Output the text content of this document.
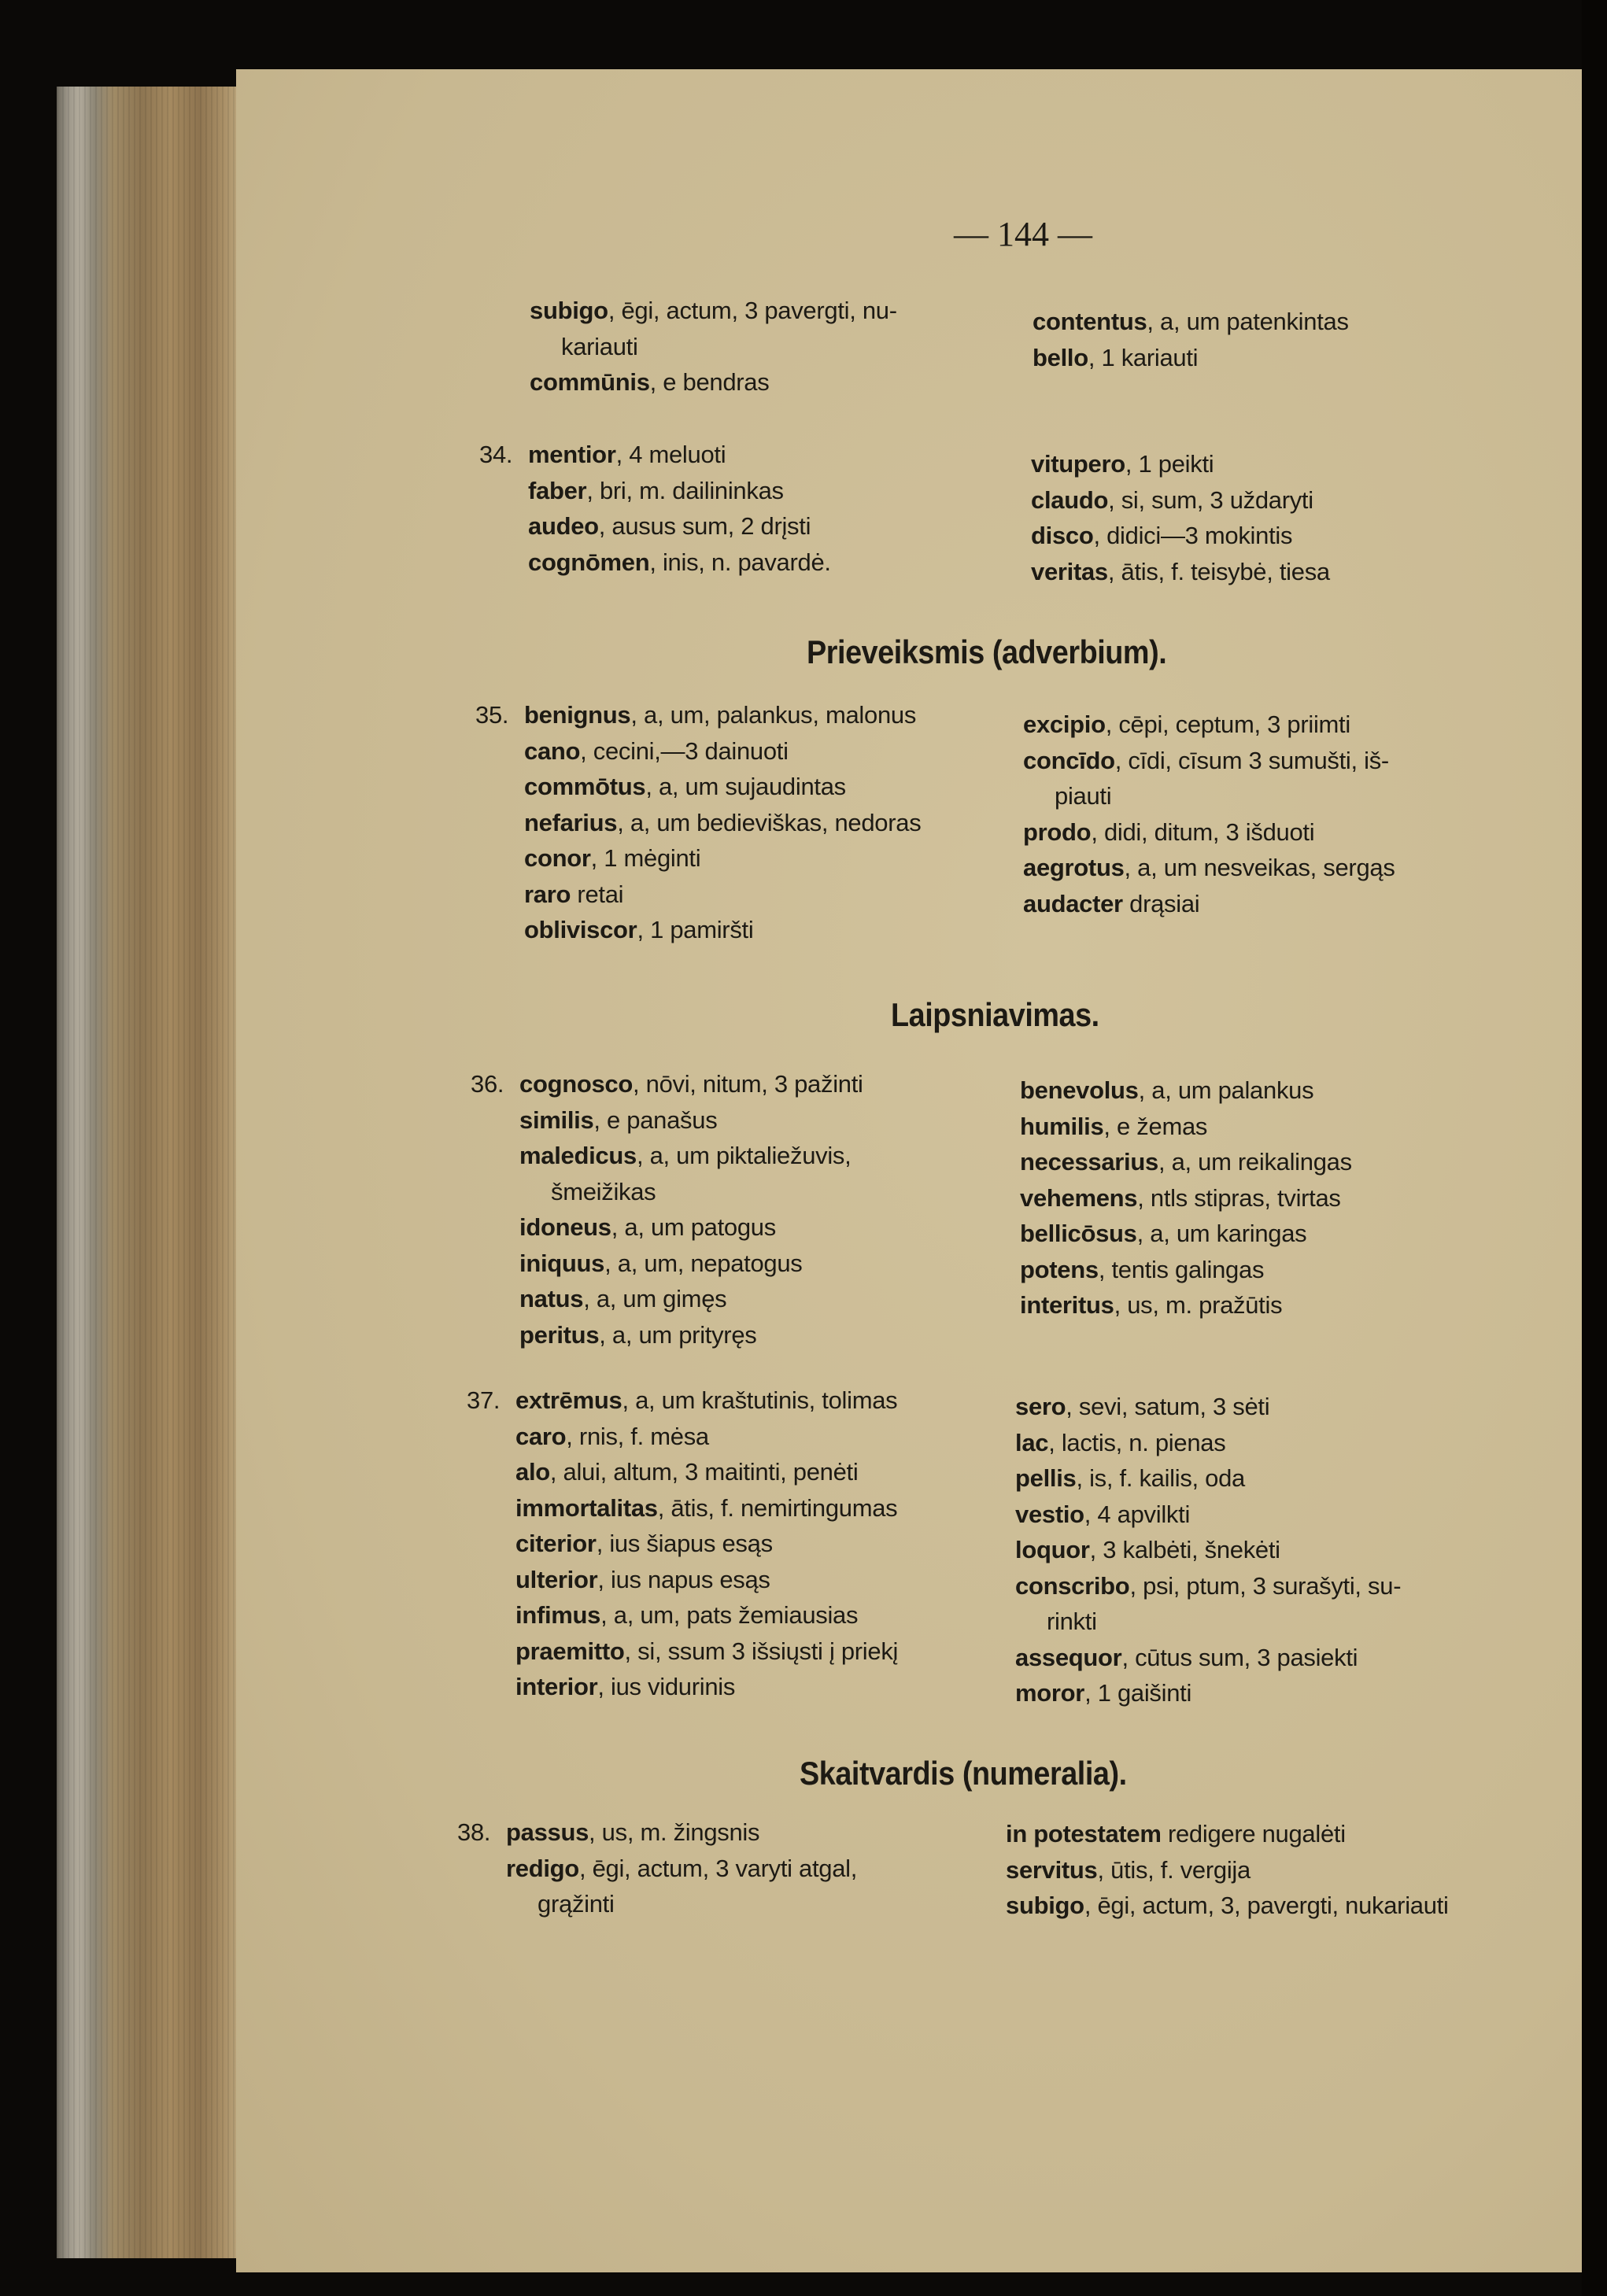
— 144 —
Prieveiksmis (adverbium).
Laipsniavimas.
Skaitvardis (numeralia).
subigo, ēgi, actum, 3 pavergti, nu-
kariauti
commūnis, e bendras
contentus, a, um patenkintas
bello, 1 kariauti
34. mentior, 4 meluoti
faber, bri, m. dailininkas
audeo, ausus sum, 2 drįsti
cognōmen, inis, n. pavardė.
vitupero, 1 peikti
claudo, si, sum, 3 uždaryti
disco, didici—3 mokintis
veritas, ātis, f. teisybė, tiesa
35. benignus, a, um, palankus, malonus
cano, cecini,—3 dainuoti
commōtus, a, um sujaudintas
nefarius, a, um bedieviškas, nedoras
conor, 1 mėginti
raro retai
obliviscor, 1 pamiršti
excipio, cēpi, ceptum, 3 priimti
concīdo, cīdi, cīsum 3 sumušti, iš-
piauti
prodo, didi, ditum, 3 išduoti
aegrotus, a, um nesveikas, sergąs
audacter drąsiai
36. cognosco, nōvi, nitum, 3 pažinti
similis, e panašus
maledicus, a, um piktaliežuvis,
šmeižikas
idoneus, a, um patogus
iniquus, a, um, nepatogus
natus, a, um gimęs
peritus, a, um prityręs
benevolus, a, um palankus
humilis, e žemas
necessarius, a, um reikalingas
vehemens, ntls stipras, tvirtas
bellicōsus, a, um karingas
potens, tentis galingas
interitus, us, m. pražūtis
37. extrēmus, a, um kraštutinis, tolimas
caro, rnis, f. mėsa
alo, alui, altum, 3 maitinti, penėti
immortalitas, ātis, f. nemirtingumas
citerior, ius šiapus esąs
ulterior, ius napus esąs
infimus, a, um, pats žemiausias
praemitto, si, ssum 3 išsiųsti į priekį
interior, ius vidurinis
sero, sevi, satum, 3 sėti
lac, lactis, n. pienas
pellis, is, f. kailis, oda
vestio, 4 apvilkti
loquor, 3 kalbėti, šnekėti
conscribo, psi, ptum, 3 surašyti, su-
rinkti
assequor, cūtus sum, 3 pasiekti
moror, 1 gaišinti
38. passus, us, m. žingsnis
redigo, ēgi, actum, 3 varyti atgal,
grąžinti
in potestatem redigere nugalėti
servitus, ūtis, f. vergija
subigo, ēgi, actum, 3, pavergti, nukariauti
